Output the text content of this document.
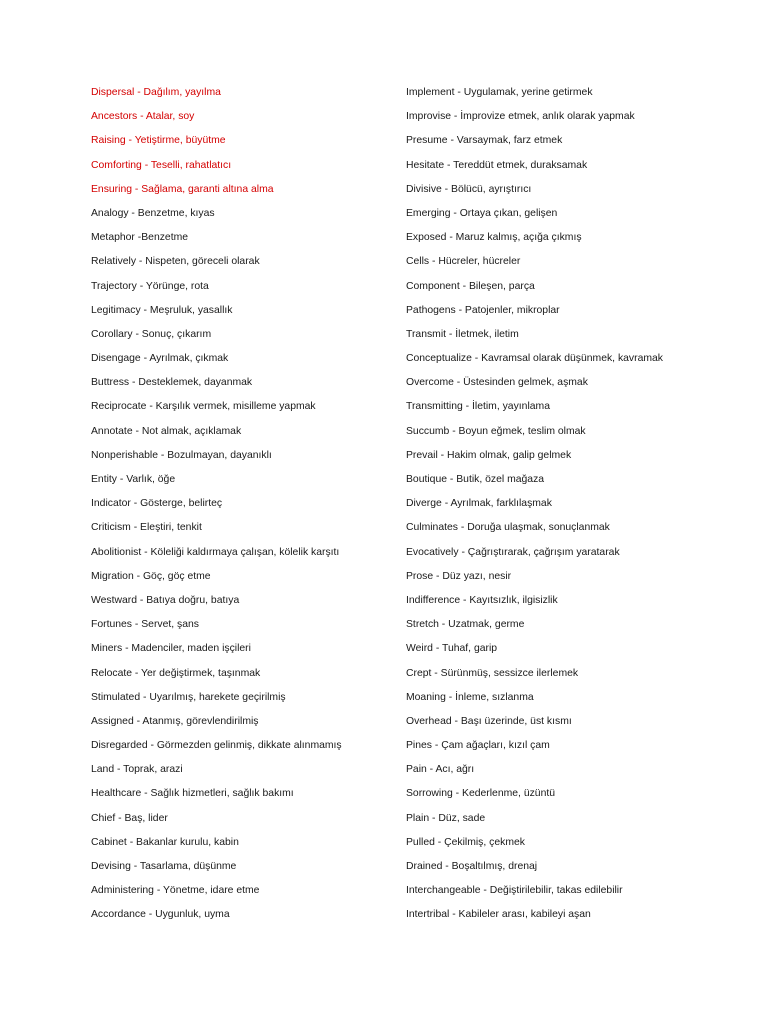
Dispersal - Dağılım, yayılma
Ancestors - Atalar, soy
Raising - Yetiştirme, büyütme
Comforting - Teselli, rahatlatıcı
Ensuring - Sağlama, garanti altına alma
Analogy - Benzetme, kıyas
Metaphor -Benzetme
Relatively - Nispeten, göreceli olarak
Trajectory - Yörünge, rota
Legitimacy - Meşruluk, yasallık
Corollary - Sonuç, çıkarım
Disengage - Ayrılmak, çıkmak
Buttress - Desteklemek, dayanmak
Reciprocate - Karşılık vermek, misilleme yapmak
Annotate - Not almak, açıklamak
Nonperishable - Bozulmayan, dayanıklı
Entity - Varlık, öğe
Indicator - Gösterge, belirteç
Criticism - Eleştiri, tenkit
Abolitionist - Köleliği kaldırmaya çalışan, kölelik karşıtı
Migration - Göç, göç etme
Westward - Batıya doğru, batıya
Fortunes - Servet, şans
Miners - Madenciler, maden işçileri
Relocate - Yer değiştirmek, taşınmak
Stimulated - Uyarılmış, harekete geçirilmiş
Assigned - Atanmış, görevlendirilmiş
Disregarded - Görmezden gelinmiş, dikkate alınmamış
Land - Toprak, arazi
Healthcare - Sağlık hizmetleri, sağlık bakımı
Chief - Baş, lider
Cabinet - Bakanlar kurulu, kabin
Devising - Tasarlama, düşünme
Administering - Yönetme, idare etme
Accordance - Uygunluk, uyma
Implement - Uygulamak, yerine getirmek
Improvise - İmprovize etmek, anlık olarak yapmak
Presume - Varsaymak, farz etmek
Hesitate - Tereddüt etmek, duraksamak
Divisive - Bölücü, ayrıştırıcı
Emerging - Ortaya çıkan, gelişen
Exposed - Maruz kalmış, açığa çıkmış
Cells - Hücreler, hücreler
Component - Bileşen, parça
Pathogens - Patojenler, mikroplar
Transmit - İletmek, iletim
Conceptualize - Kavramsal olarak düşünmek, kavramak
Overcome - Üstesinden gelmek, aşmak
Transmitting - İletim, yayınlama
Succumb - Boyun eğmek, teslim olmak
Prevail - Hakim olmak, galip gelmek
Boutique - Butik, özel mağaza
Diverge - Ayrılmak, farklılaşmak
Culminates - Doruğa ulaşmak, sonuçlanmak
Evocatively - Çağrıştırarak, çağrışım yaratarak
Prose - Düz yazı, nesir
Indifference - Kayıtsızlık, ilgisizlik
Stretch - Uzatmak, germe
Weird - Tuhaf, garip
Crept - Sürünmüş, sessizce ilerlemek
Moaning - İnleme, sızlanma
Overhead - Başı üzerinde, üst kısmı
Pines - Çam ağaçları, kızıl çam
Pain - Acı, ağrı
Sorrowing - Kederlenme, üzüntü
Plain - Düz, sade
Pulled - Çekilmiş, çekmek
Drained - Boşaltılmış, drenaj
Interchangeable - Değiştirilebilir, takas edilebilir
Intertribal - Kabileler arası, kabileyi aşan
